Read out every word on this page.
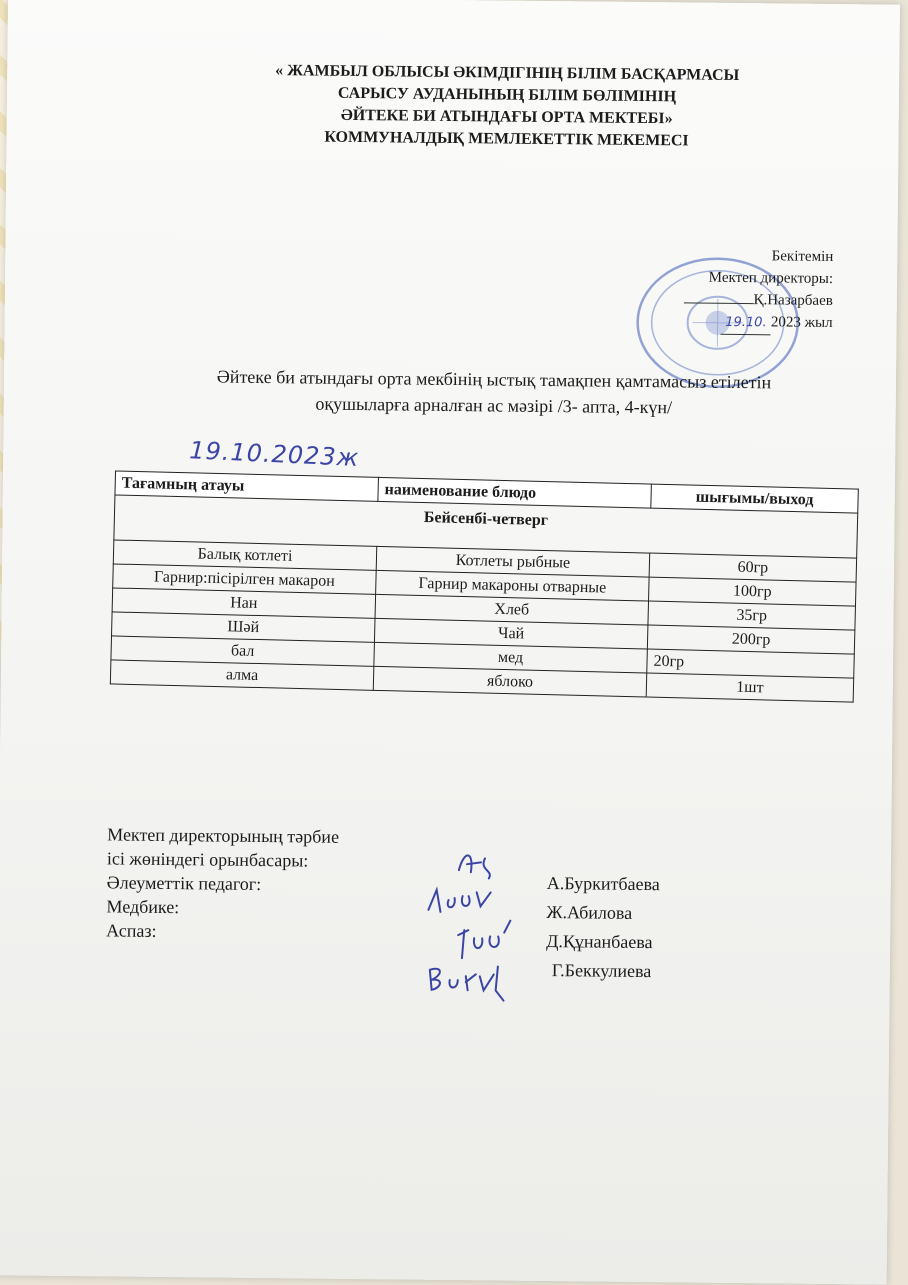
« ЖАМБЫЛ ОБЛЫСЫ ӘКІМДІГІНІҢ БІЛІМ БАСҚАРМАСЫ
САРЫСУ АУДАНЫНЫҢ БІЛІМ БӨЛІМІНІҢ
ӘЙТЕКЕ БИ АТЫНДАҒЫ ОРТА МЕКТЕБІ»
КОММУНАЛДЫҚ МЕМЛЕКЕТТІК МЕКЕМЕСІ
Бекітемін
Мектеп директоры:
Қ.Назарбаев
19.10. 2023 жыл
Әйтеке би атындағы орта мекбінің ыстық тамақпен қамтамасыз етілетін
оқушыларға арналған ас мәзірі /3- апта, 4-күн/
19.10.2023ж
Тағамның атауы	наименование блюдо	шығымы/выход
Бейсенбі-четверг		
Балық котлеті	Котлеты рыбные	60гр
Гарнир:пісірілген макарон	Гарнир макароны отварные	100гр
Нан	Хлеб	35гр
Шәй	Чай	200гр
бал	мед	20гр
алма	яблоко	1шт
Мектеп директорының тәрбие
ісі жөніндегі орынбасары:
Әлеуметтік педагог:
Медбике:
Аспаз:
А.Буркитбаева
Ж.Абилова
Д.Құнанбаева
Г.Беккулиева
